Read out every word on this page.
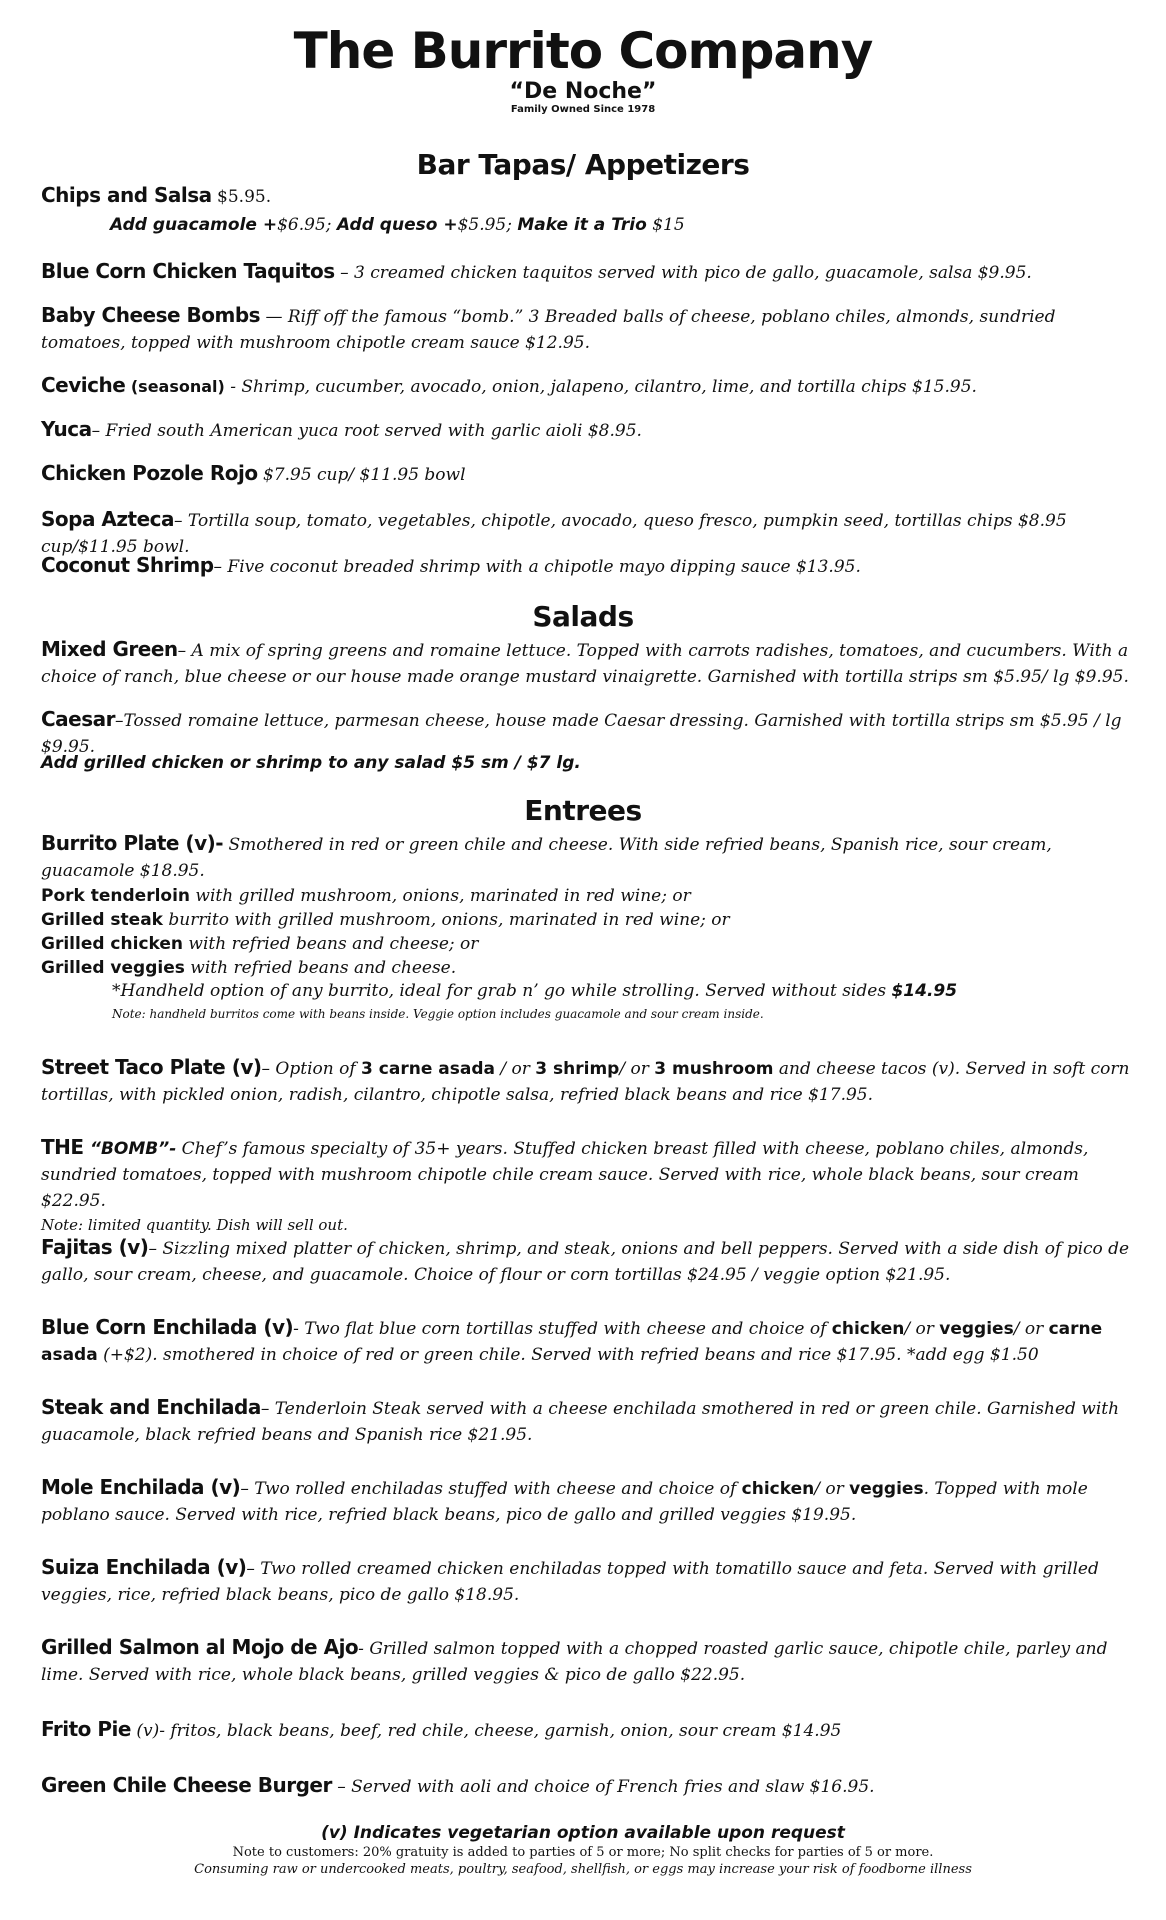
The Burrito Company
“De Noche”
Family Owned Since 1978
Bar Tapas/ Appetizers
Chips and Salsa $5.95.
Add guacamole +$6.95; Add queso +$5.95; Make it a Trio $15
Blue Corn Chicken Taquitos – 3 creamed chicken taquitos served with pico de gallo, guacamole, salsa $9.95.
Baby Cheese Bombs — Riff off the famous “bomb.” 3 Breaded balls of cheese, poblano chiles, almonds, sundried tomatoes, topped with mushroom chipotle cream sauce $12.95.
Ceviche (seasonal) - Shrimp, cucumber, avocado, onion, jalapeno, cilantro, lime, and tortilla chips $15.95.
Yuca– Fried south American yuca root served with garlic aioli $8.95.
Chicken Pozole Rojo $7.95 cup/ $11.95 bowl
Sopa Azteca– Tortilla soup, tomato, vegetables, chipotle, avocado, queso fresco, pumpkin seed, tortillas chips $8.95 cup/$11.95 bowl.
Coconut Shrimp– Five coconut breaded shrimp with a chipotle mayo dipping sauce $13.95.
Salads
Mixed Green– A mix of spring greens and romaine lettuce. Topped with carrots radishes, tomatoes, and cucumbers. With a choice of ranch, blue cheese or our house made orange mustard vinaigrette. Garnished with tortilla strips sm $5.95/ lg $9.95.
Caesar–Tossed romaine lettuce, parmesan cheese, house made Caesar dressing. Garnished with tortilla strips sm $5.95 / lg $9.95.
Add grilled chicken or shrimp to any salad $5 sm / $7 lg.
Entrees
Burrito Plate (v)- Smothered in red or green chile and cheese. With side refried beans, Spanish rice, sour cream, guacamole $18.95.
Pork tenderloin with grilled mushroom, onions, marinated in red wine; or
Grilled steak burrito with grilled mushroom, onions, marinated in red wine; or
Grilled chicken with refried beans and cheese; or
Grilled veggies with refried beans and cheese.
*Handheld option of any burrito, ideal for grab n’ go while strolling. Served without sides $14.95
Note: handheld burritos come with beans inside. Veggie option includes guacamole and sour cream inside.
Street Taco Plate (v)– Option of 3 carne asada / or 3 shrimp/ or 3 mushroom and cheese tacos (v). Served in soft corn tortillas, with pickled onion, radish, cilantro, chipotle salsa, refried black beans and rice $17.95.
THE “BOMB”- Chef’s famous specialty of 35+ years. Stuffed chicken breast filled with cheese, poblano chiles, almonds, sundried tomatoes, topped with mushroom chipotle chile cream sauce. Served with rice, whole black beans, sour cream $22.95.
Note: limited quantity. Dish will sell out.
Fajitas (v)– Sizzling mixed platter of chicken, shrimp, and steak, onions and bell peppers. Served with a side dish of pico de gallo, sour cream, cheese, and guacamole. Choice of flour or corn tortillas $24.95 / veggie option $21.95.
Blue Corn Enchilada (v)- Two flat blue corn tortillas stuffed with cheese and choice of chicken/ or veggies/ or carne asada (+$2). smothered in choice of red or green chile. Served with refried beans and rice $17.95. *add egg $1.50
Steak and Enchilada– Tenderloin Steak served with a cheese enchilada smothered in red or green chile. Garnished with guacamole, black refried beans and Spanish rice $21.95.
Mole Enchilada (v)– Two rolled enchiladas stuffed with cheese and choice of chicken/ or veggies. Topped with mole poblano sauce. Served with rice, refried black beans, pico de gallo and grilled veggies $19.95.
Suiza Enchilada (v)– Two rolled creamed chicken enchiladas topped with tomatillo sauce and feta. Served with grilled veggies, rice, refried black beans, pico de gallo $18.95.
Grilled Salmon al Mojo de Ajo- Grilled salmon topped with a chopped roasted garlic sauce, chipotle chile, parley and lime. Served with rice, whole black beans, grilled veggies & pico de gallo $22.95.
Frito Pie (v)- fritos, black beans, beef, red chile, cheese, garnish, onion, sour cream $14.95
Green Chile Cheese Burger – Served with aoli and choice of French fries and slaw $16.95.
(v) Indicates vegetarian option available upon request
Note to customers: 20% gratuity is added to parties of 5 or more; No split checks for parties of 5 or more.
Consuming raw or undercooked meats, poultry, seafood, shellfish, or eggs may increase your risk of foodborne illness
